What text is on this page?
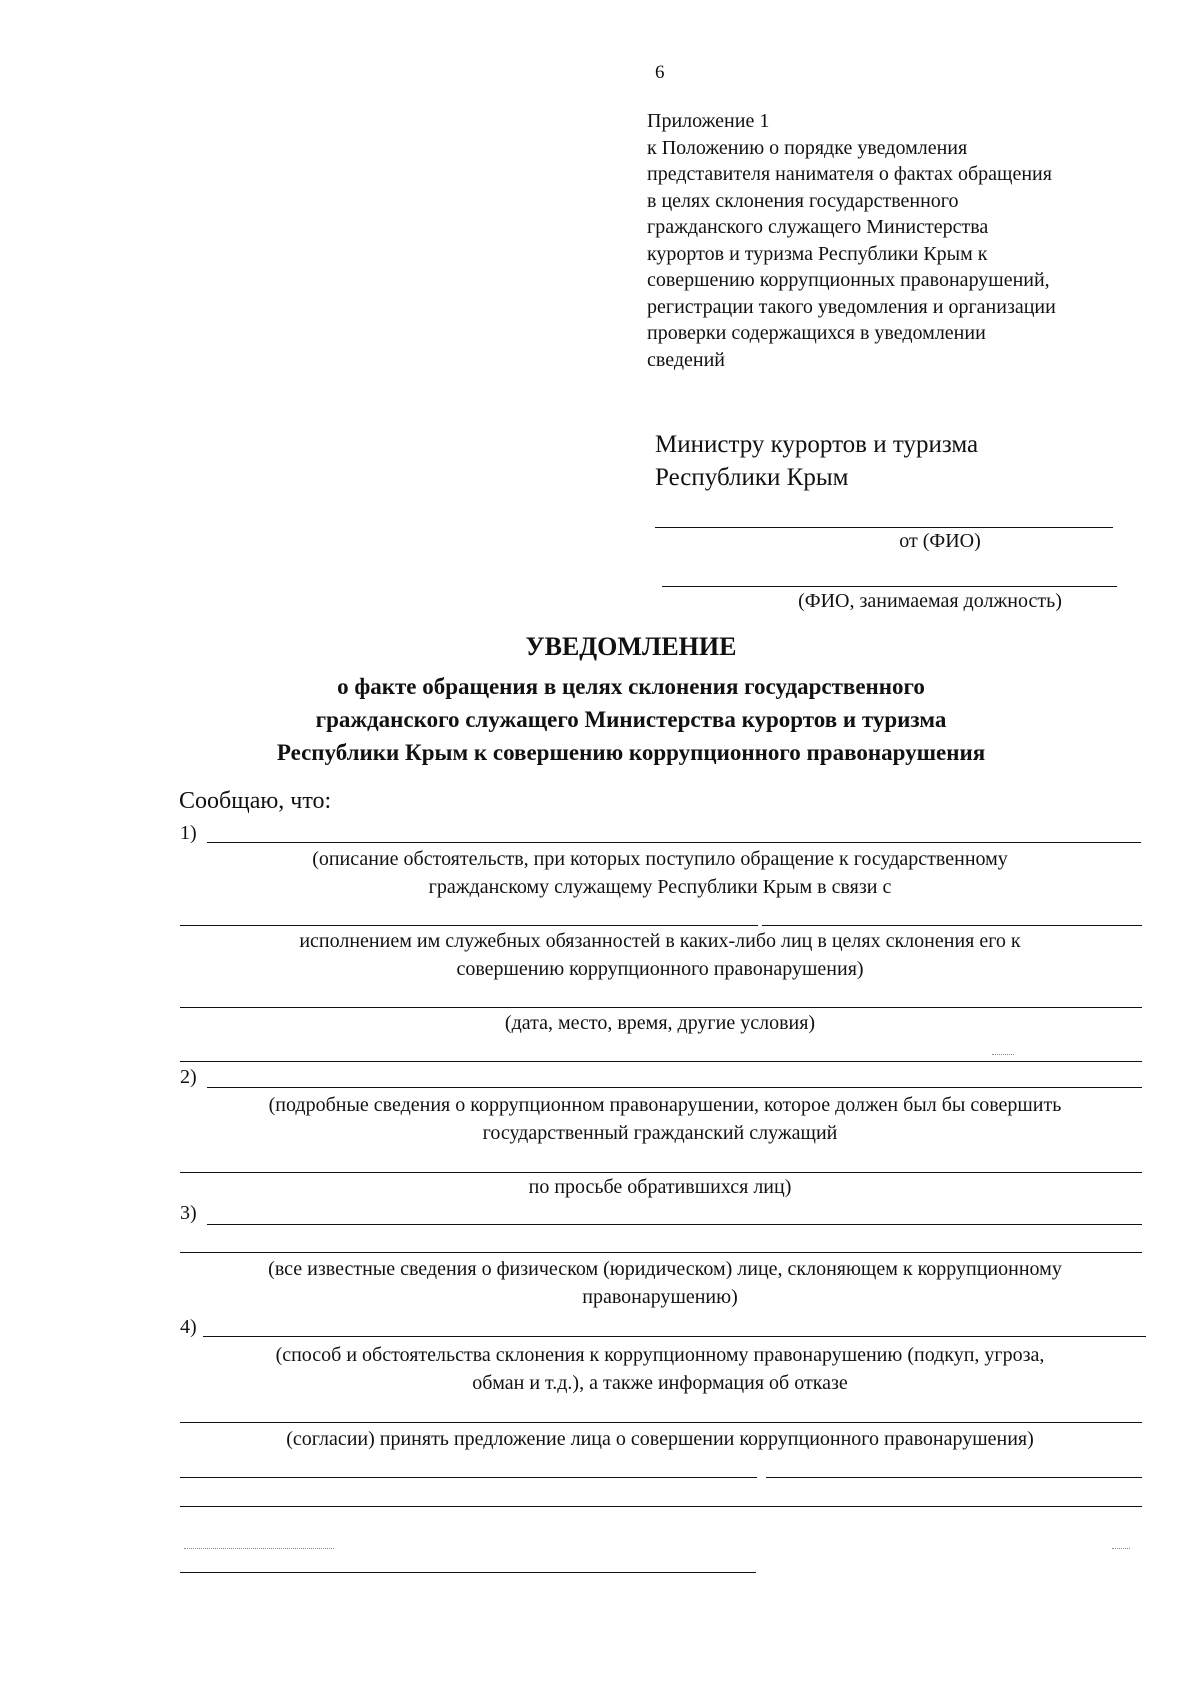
6
Приложение 1
к Положению о порядке уведомления
представителя нанимателя о фактах обращения
в целях склонения государственного
гражданского служащего Министерства
курортов и туризма Республики Крым к
совершению коррупционных правонарушений,
регистрации такого уведомления и организации
проверки содержащихся в уведомлении
сведений
Министру курортов и туризма
Республики Крым
от (ФИО)
(ФИО, занимаемая должность)
УВЕДОМЛЕНИЕ
о факте обращения в целях склонения государственного
гражданского служащего Министерства курортов и туризма
Республики Крым к совершению коррупционного правонарушения
Сообщаю, что:
1)
(описание обстоятельств, при которых поступило обращение к государственному
гражданскому служащему Республики Крым в связи с
исполнением им служебных обязанностей в каких-либо лиц в целях склонения его к
совершению коррупционного правонарушения)
(дата, место, время, другие условия)
2)
(подробные сведения о коррупционном правонарушении, которое должен был бы совершить
государственный гражданский служащий
по просьбе обратившихся лиц)
3)
(все известные сведения о физическом (юридическом) лице, склоняющем к коррупционному
правонарушению)
4)
(способ и обстоятельства склонения к коррупционному правонарушению (подкуп, угроза,
обман и т.д.), а также информация об отказе
(согласии) принять предложение лица о совершении коррупционного правонарушения)
